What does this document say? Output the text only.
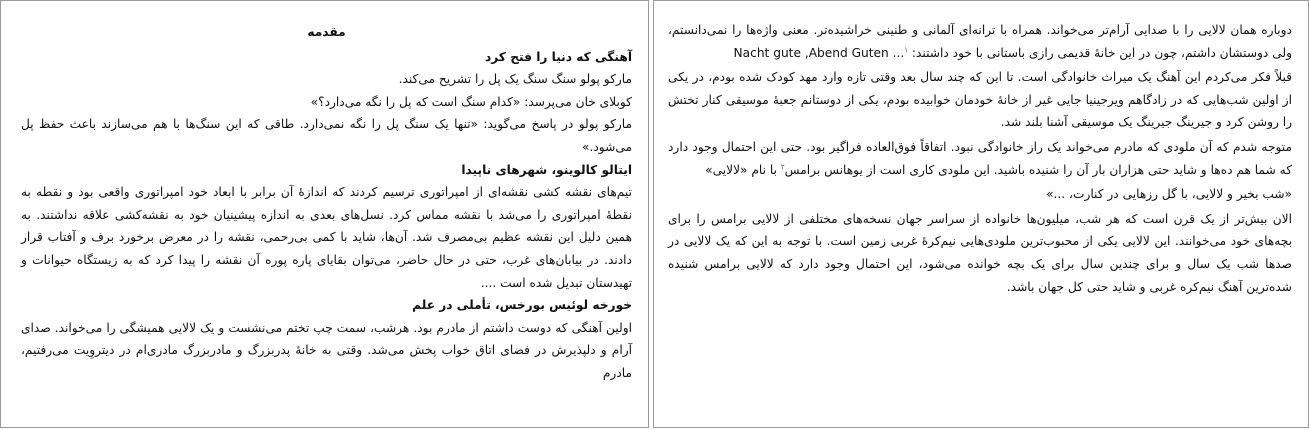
مقدمه

آهنگی که دنیا را فتح کرد

مارکو پولو سنگ سنگ یک پل را تشریح می‌کند.

کوبلای خان می‌پرسد: «کدام سنگ است که پل را نگه می‌دارد؟»

مارکو پولو در پاسخ می‌گوید: «تنها یک سنگ پل را نگه نمی‌دارد. طاقی که این سنگ‌ها با هم می‌سازند باعث حفظ پل می‌شود.»

ایتالو کالوینو، شهرهای ناپیدا

تیم‌های نقشه کشی نقشه‌ای از امپراتوری ترسیم کردند که اندازهٔ آن برابر با ابعاد خود امپراتوری واقعی بود و نقطه به نقطهٔ امپراتوری را می‌شد با نقشه مماس کرد. نسل‌های بعدی به اندازه پیشینیان خود به نقشه‌کشی علاقه نداشتند. به همین دلیل این نقشه عظیم بی‌مصرف شد. آن‌ها، شاید با کمی بی‌رحمی، نقشه را در معرض برخورد برف و آفتاب قرار دادند. در بیابان‌های غرب، حتی در حال حاضر، می‌توان بقایای پاره پوره آن نقشه را پیدا کرد که به زیستگاه حیوانات و تهیدستان تبدیل شده است ....

خورخه لوئیس بورخس، تأملی در علم

اولین آهنگی که دوست داشتم از مادرم بود. هرشب، سمت چپ تختم می‌نشست و یک لالایی همیشگی را می‌خواند. صدای آرام و دلپذیرش در فضای اتاق خواب پخش می‌شد. وقتی به خانهٔ پدربزرگ و مادربزرگ مادری‌ام در دیتروِیت می‌رفتیم، مادرم

دوباره همان لالایی را با صدایی آرام‌تر می‌خواند. همراه با ترانه‌ای آلمانی و طنینی خراشیده‌تر. معنی واژه‌ها را نمی‌دانستم، ولی دوستشان داشتم، چون در این خانهٔ قدیمی رازی باستانی با خود داشتند: Nacht gute ,Abend Guten ...$^۱$

قبلاً فکر می‌کردم این آهنگ یک میراث خانوادگی است. تا این که چند سال بعد وقتی تازه وارد مهد کودک شده بودم، در یکی از اولین شب‌هایی که در زادگاهم ویرجینیا جایی غیر از خانهٔ خودمان خوابیده بودم، یکی از دوستانم جعبهٔ موسیقی کنار تختش را روشن کرد و جیرینگ جیرینگ یک موسیقی آشنا بلند شد.

متوجه شدم که آن ملودی که مادرم می‌خواند یک راز خانوادگی نبود. اتفاقاً فوق‌العاده فراگیر بود. حتی این احتمال وجود دارد که شما هم ده‌ها و شاید حتی هزاران بار آن را شنیده باشید. این ملودی کاری است از یوهانس برامس$^۲$ با نام «لالایی»

«شب بخیر و لالایی، با گل رزهایی در کنارت، ...»

الان بیش‌تر از یک قرن است که هر شب، میلیون‌ها خانواده از سراسر جهان نسخه‌های مختلفی از لالایی برامس را برای بچه‌های خود می‌خوانند. این لالایی یکی از محبوب‌ترین ملودی‌هایی نیم‌کرهٔ غربی زمین است. با توجه به این که یک لالایی در صدها شب یک سال و برای چندین سال برای یک بچه خوانده می‌شود، این احتمال وجود دارد که لالایی برامس شنیده شده‌ترین آهنگ نیم‌کره غربی و شاید حتی کل جهان باشد.
